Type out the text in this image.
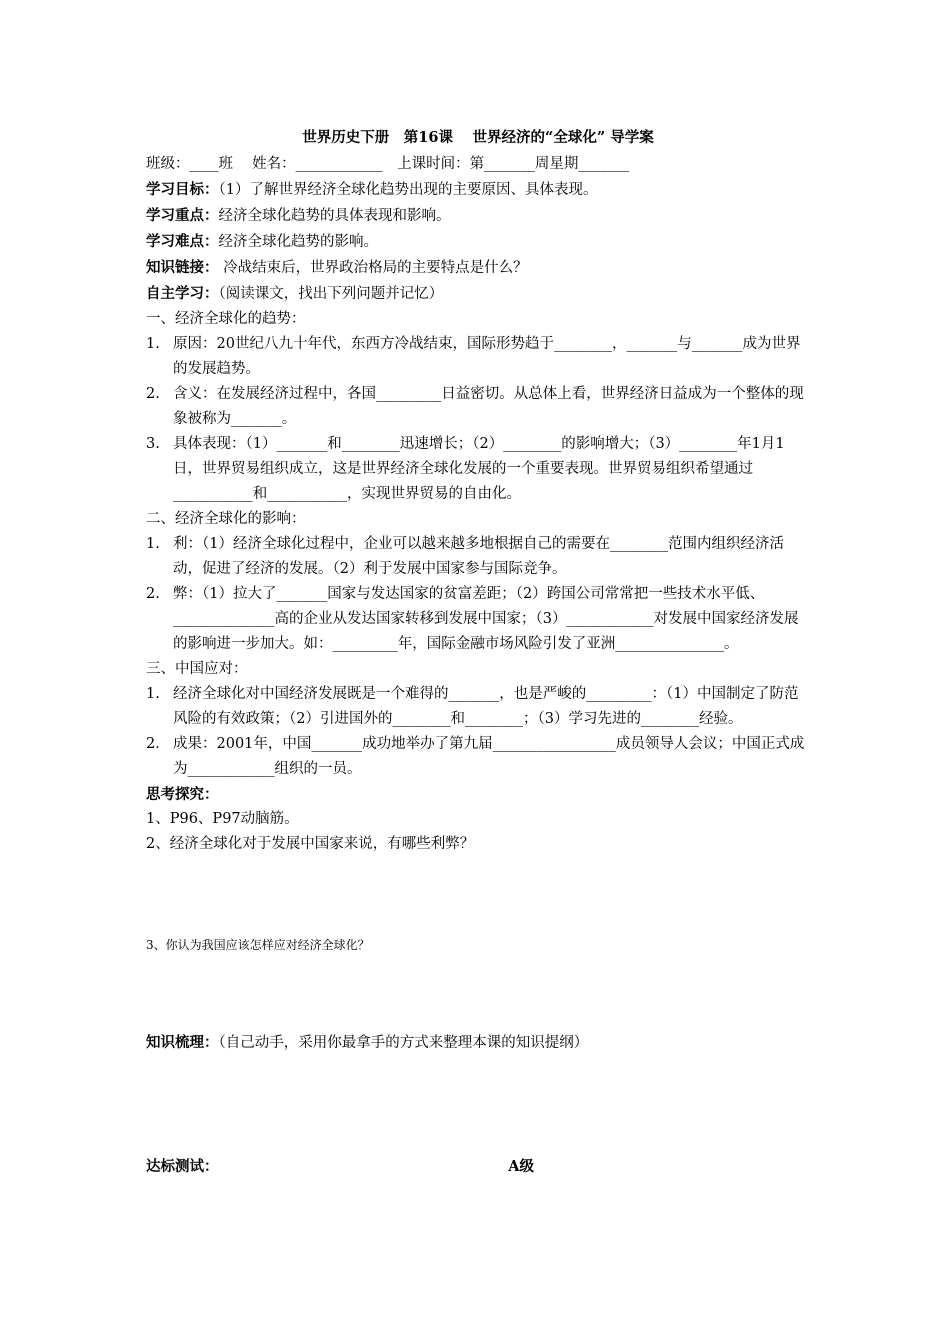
世界历史下册　第16课　 世界经济的“全球化” 导学案
班级：____班　 姓名：____________　上课时间：第_______周星期_______
学习目标：（1）了解世界经济全球化趋势出现的主要原因、具体表现。
学习重点：经济全球化趋势的具体表现和影响。
学习难点：经济全球化趋势的影响。
知识链接： 冷战结束后，世界政治格局的主要特点是什么？
自主学习：（阅读课文，找出下列问题并记忆）
一、经济全球化的趋势：
1. 原因：20世纪八九十年代，东西方冷战结束，国际形势趋于________，_______与_______成为世界的发展趋势。
2. 含义：在发展经济过程中，各国_________日益密切。从总体上看，世界经济日益成为一个整体的现象被称为_______。
3. 具体表现：（1）_______和________迅速增长；（2）________的影响增大；（3）________年1月1日，世界贸易组织成立，这是世界经济全球化发展的一个重要表现。世界贸易组织希望通过___________和___________，实现世界贸易的自由化。
二、经济全球化的影响：
1. 利：（1）经济全球化过程中，企业可以越来越多地根据自己的需要在________范围内组织经济活动，促进了经济的发展。（2）利于发展中国家参与国际竞争。
2. 弊：（1）拉大了_______国家与发达国家的贫富差距；（2）跨国公司常常把一些技术水平低、______________高的企业从发达国家转移到发展中国家；（3）____________对发展中国家经济发展的影响进一步加大。如：_________年，国际金融市场风险引发了亚洲_______________。
三、中国应对：
1. 经济全球化对中国经济发展既是一个难得的_______，也是严峻的_________：（1）中国制定了防范风险的有效政策；（2）引进国外的________和________；（3）学习先进的________经验。
2． 成果：2001年，中国_______成功地举办了第九届_________________成员领导人会议；中国正式成为____________组织的一员。
思考探究：
1、P96、P97动脑筋。
2、经济全球化对于发展中国家来说，有哪些利弊？
3、你认为我国应该怎样应对经济全球化？
知识梳理：（自己动手，采用你最拿手的方式来整理本课的知识提纲）
达标测试：	A级
